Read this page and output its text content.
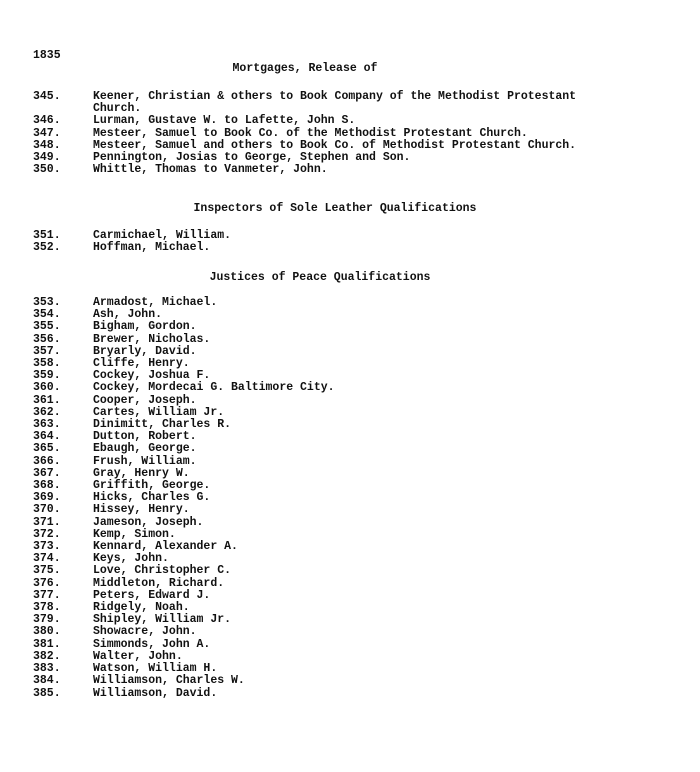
1835
Mortgages, Release of
345.	Keener, Christian & others to Book Company of the Methodist Protestant
Church.
346.	Lurman, Gustave W. to Lafette, John S.
347.	Mesteer, Samuel to Book Co. of the Methodist Protestant Church.
348.	Mesteer, Samuel and others to Book Co. of Methodist Protestant Church.
349.	Pennington, Josias to George, Stephen and Son.
350.	Whittle, Thomas to Vanmeter, John.
Inspectors of Sole Leather Qualifications
351.	Carmichael, William.
352.	Hoffman, Michael.
Justices of Peace Qualifications
353.	Armadost, Michael.
354.	Ash, John.
355.	Bigham, Gordon.
356.	Brewer, Nicholas.
357.	Bryarly, David.
358.	Cliffe, Henry.
359.	Cockey, Joshua F.
360.	Cockey, Mordecai G. Baltimore City.
361.	Cooper, Joseph.
362.	Cartes, William Jr.
363.	Dinimitt, Charles R.
364.	Dutton, Robert.
365.	Ebaugh, George.
366.	Frush, William.
367.	Gray, Henry W.
368.	Griffith, George.
369.	Hicks, Charles G.
370.	Hissey, Henry.
371.	Jameson, Joseph.
372.	Kemp, Simon.
373.	Kennard, Alexander A.
374.	Keys, John.
375.	Love, Christopher C.
376.	Middleton, Richard.
377.	Peters, Edward J.
378.	Ridgely, Noah.
379.	Shipley, William Jr.
380.	Showacre, John.
381.	Simmonds, John A.
382.	Walter, John.
383.	Watson, William H.
384.	Williamson, Charles W.
385.	Williamson, David.
